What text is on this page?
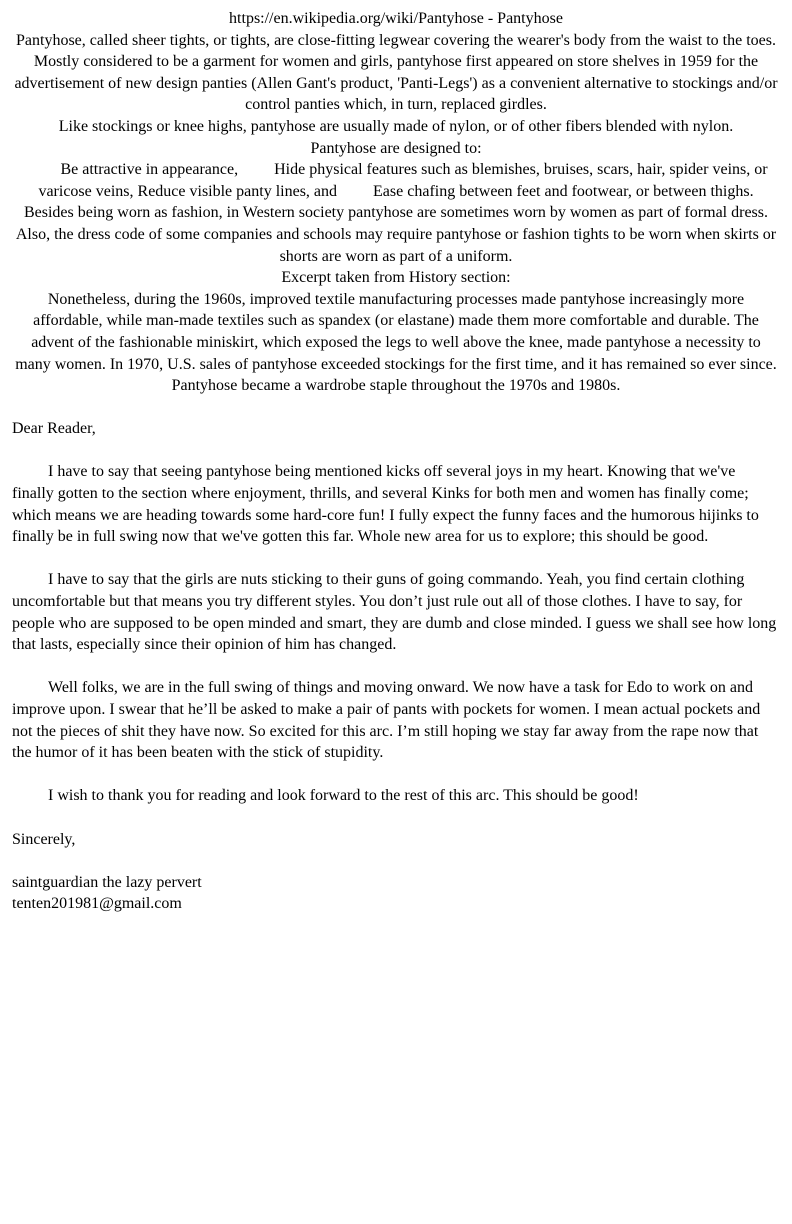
https://en.wikipedia.org/wiki/Pantyhose - Pantyhose
Pantyhose, called sheer tights, or tights, are close-fitting legwear covering the wearer's body from the waist to the toes. Mostly considered to be a garment for women and girls, pantyhose first appeared on store shelves in 1959 for the advertisement of new design panties (Allen Gant's product, 'Panti-Legs') as a convenient alternative to stockings and/or control panties which, in turn, replaced girdles.
Like stockings or knee highs, pantyhose are usually made of nylon, or of other fibers blended with nylon.
Pantyhose are designed to:
Be attractive in appearance, Hide physical features such as blemishes, bruises, scars, hair, spider veins, or varicose veins, Reduce visible panty lines, and Ease chafing between feet and footwear, or between thighs.
Besides being worn as fashion, in Western society pantyhose are sometimes worn by women as part of formal dress. Also, the dress code of some companies and schools may require pantyhose or fashion tights to be worn when skirts or shorts are worn as part of a uniform.
Excerpt taken from History section:
Nonetheless, during the 1960s, improved textile manufacturing processes made pantyhose increasingly more affordable, while man-made textiles such as spandex (or elastane) made them more comfortable and durable. The advent of the fashionable miniskirt, which exposed the legs to well above the knee, made pantyhose a necessity to many women. In 1970, U.S. sales of pantyhose exceeded stockings for the first time, and it has remained so ever since. Pantyhose became a wardrobe staple throughout the 1970s and 1980s.

Dear Reader,

I have to say that seeing pantyhose being mentioned kicks off several joys in my heart. Knowing that we've finally gotten to the section where enjoyment, thrills, and several Kinks for both men and women has finally come; which means we are heading towards some hard-core fun! I fully expect the funny faces and the humorous hijinks to finally be in full swing now that we've gotten this far. Whole new area for us to explore; this should be good.

I have to say that the girls are nuts sticking to their guns of going commando. Yeah, you find certain clothing uncomfortable but that means you try different styles. You don’t just rule out all of those clothes. I have to say, for people who are supposed to be open minded and smart, they are dumb and close minded. I guess we shall see how long that lasts, especially since their opinion of him has changed.

Well folks, we are in the full swing of things and moving onward. We now have a task for Edo to work on and improve upon. I swear that he’ll be asked to make a pair of pants with pockets for women. I mean actual pockets and not the pieces of shit they have now. So excited for this arc. I’m still hoping we stay far away from the rape now that the humor of it has been beaten with the stick of stupidity.

I wish to thank you for reading and look forward to the rest of this arc. This should be good!

Sincerely,

saintguardian the lazy pervert
tenten201981@gmail.com
